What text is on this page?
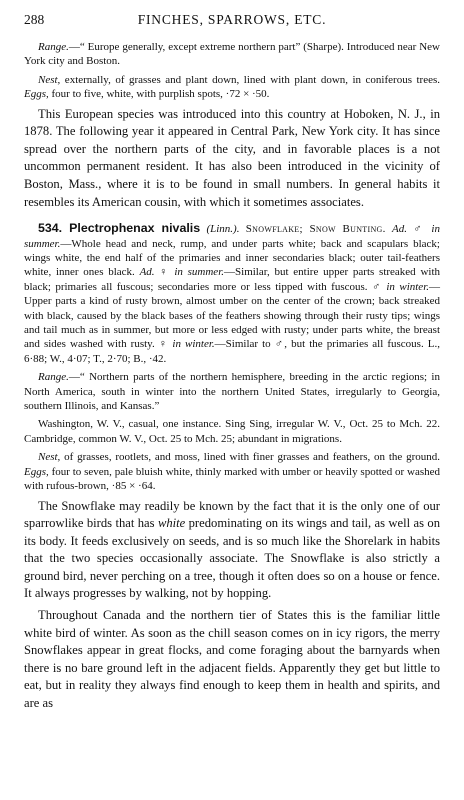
288	FINCHES, SPARROWS, ETC.

Range.—“ Europe generally, except extreme northern part” (Sharpe). Introduced near New York city and Boston.

Nest, externally, of grasses and plant down, lined with plant down, in coniferous trees. Eggs, four to five, white, with purplish spots, ·72 × ·50.

This European species was introduced into this country at Hoboken, N. J., in 1878. The following year it appeared in Central Park, New York city. It has since spread over the northern parts of the city, and in favorable places is a not uncommon permanent resident. It has also been introduced in the vicinity of Boston, Mass., where it is to be found in small numbers. In general habits it resembles its American cousin, with which it sometimes associates.

534. Plectrophenax nivalis (Linn.). Snowflake; Snow Bunting. Ad. ♂ in summer.—Whole head and neck, rump, and under parts white; back and scapulars black; wings white, the end half of the primaries and inner secondaries black; outer tail-feathers white, inner ones black. Ad. ♀ in summer.—Similar, but entire upper parts streaked with black; primaries all fuscous; secondaries more or less tipped with fuscous. ♂ in winter.—Upper parts a kind of rusty brown, almost umber on the center of the crown; back streaked with black, caused by the black bases of the feathers showing through their rusty tips; wings and tail much as in summer, but more or less edged with rusty; under parts white, the breast and sides washed with rusty. ♀ in winter.—Similar to ♂, but the primaries all fuscous. L., 6·88; W., 4·07; T., 2·70; B., ·42.

Range.—“ Northern parts of the northern hemisphere, breeding in the arctic regions; in North America, south in winter into the northern United States, irregularly to Georgia, southern Illinois, and Kansas.”

Washington, W. V., casual, one instance. Sing Sing, irregular W. V., Oct. 25 to Mch. 22. Cambridge, common W. V., Oct. 25 to Mch. 25; abundant in migrations.

Nest, of grasses, rootlets, and moss, lined with finer grasses and feathers, on the ground. Eggs, four to seven, pale bluish white, thinly marked with umber or heavily spotted or washed with rufous-brown, ·85 × ·64.

The Snowflake may readily be known by the fact that it is the only one of our sparrowlike birds that has white predominating on its wings and tail, as well as on its body. It feeds exclusively on seeds, and is so much like the Shorelark in habits that the two species occasionally associate. The Snowflake is also strictly a ground bird, never perching on a tree, though it often does so on a house or fence. It always progresses by walking, not by hopping.

Throughout Canada and the northern tier of States this is the familiar little white bird of winter. As soon as the chill season comes on in icy rigors, the merry Snowflakes appear in great flocks, and come foraging about the barnyards when there is no bare ground left in the adjacent fields. Apparently they get but little to eat, but in reality they always find enough to keep them in health and spirits, and are as
